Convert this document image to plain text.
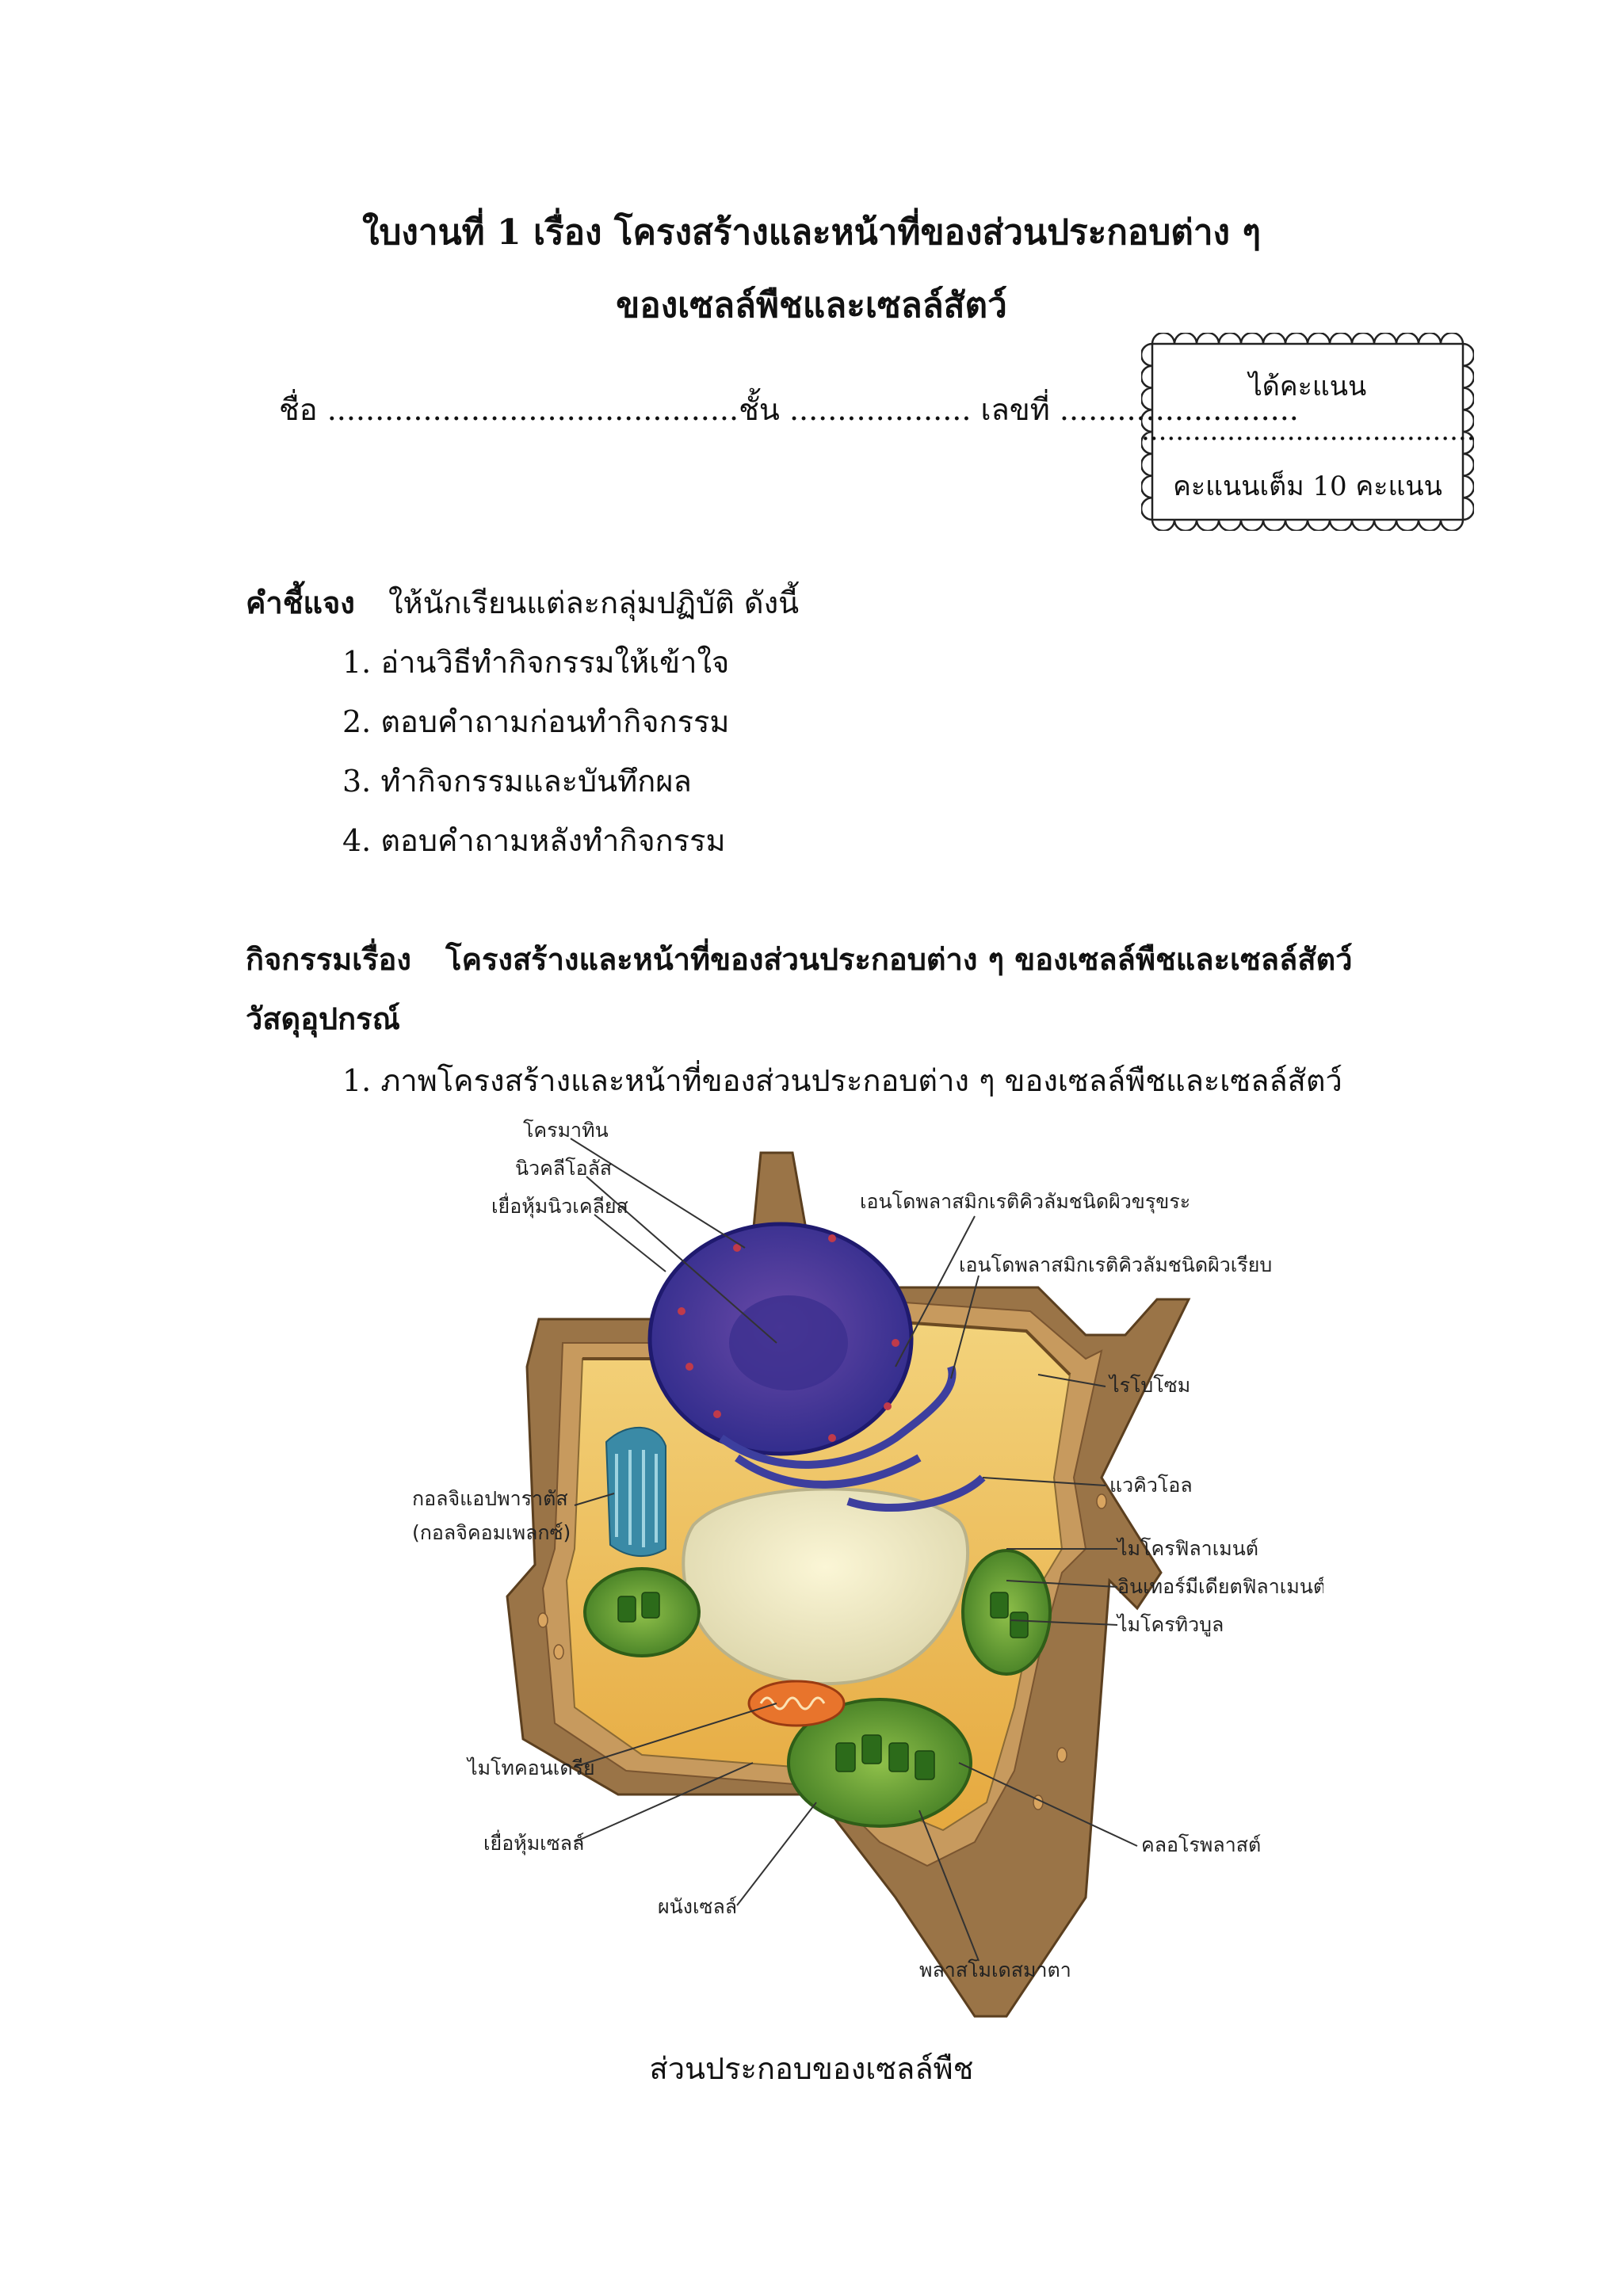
ใบงานที่ 1 เรื่อง โครงสร้างและหน้าที่ของส่วนประกอบต่าง ๆ
ของเซลล์พืชและเซลล์สัตว์
ชื่อ ...........................................ชั้น ................... เลขที่ .........................
ได้คะแนน
.......................................
คะแนนเต็ม 10 คะแนน
คำชี้แจง ให้นักเรียนแต่ละกลุ่มปฏิบัติ ดังนี้
1. อ่านวิธีทำกิจกรรมให้เข้าใจ
2. ตอบคำถามก่อนทำกิจกรรม
3. ทำกิจกรรมและบันทึกผล
4. ตอบคำถามหลังทำกิจกรรม
กิจกรรมเรื่อง โครงสร้างและหน้าที่ของส่วนประกอบต่าง ๆ ของเซลล์พืชและเซลล์สัตว์
วัสดุอุปกรณ์
1. ภาพโครงสร้างและหน้าที่ของส่วนประกอบต่าง ๆ ของเซลล์พืชและเซลล์สัตว์
โครมาทิน
นิวคลีโอลัส
เยื่อหุ้มนิวเคลียส	เอนโดพลาสมิกเรติคิวลัมชนิดผิวขรุขระ
เอนโดพลาสมิกเรติคิวลัมชนิดผิวเรียบ
ไรโบโซม
แวคิวโอล
ไมโครฟิลาเมนต์
อินเทอร์มีเดียตฟิลาเมนต์
ไมโครทิวบูล
กอลจิแอปพาราตัส
(กอลจิคอมเพลกซ์)
ไมโทคอนเดรีย
เยื่อหุ้มเซลล์
ผนังเซลล์
คลอโรพลาสต์
พลาสโมเดสมาตา
ส่วนประกอบของเซลล์พืช
